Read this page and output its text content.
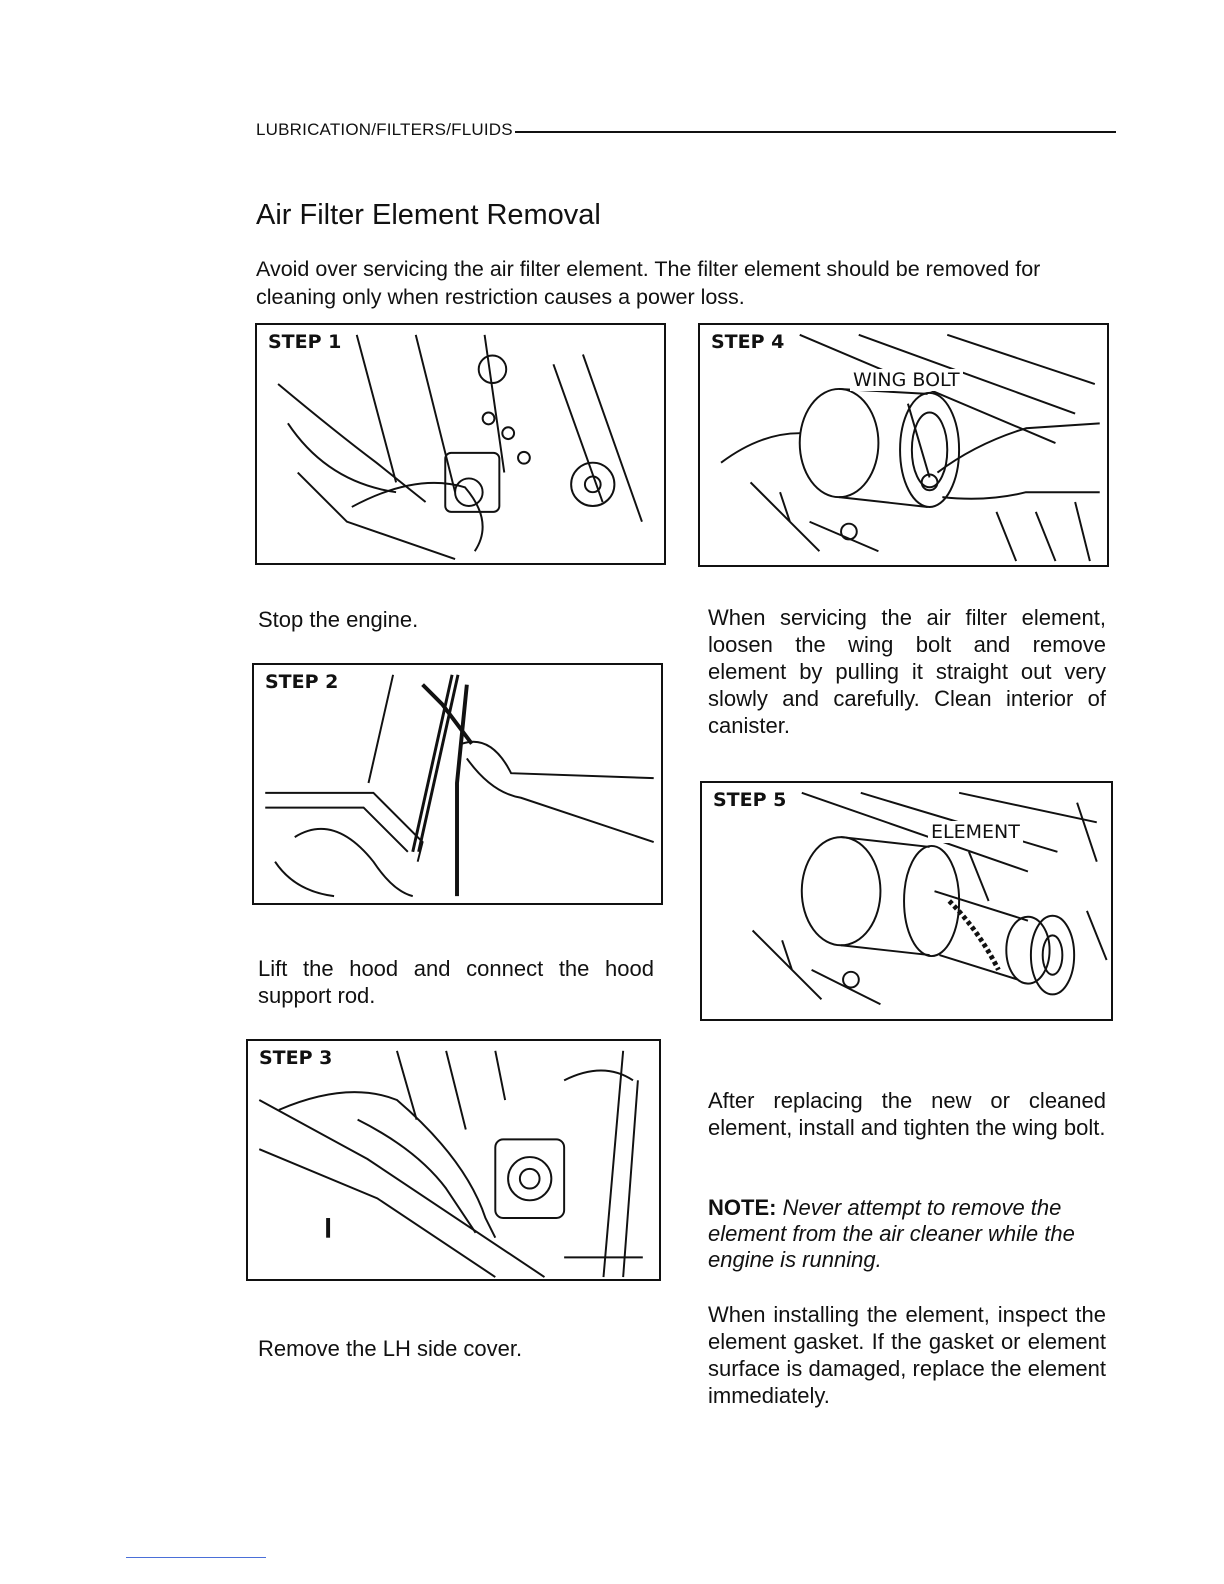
LUBRICATION/FILTERS/FLUIDS
Air Filter Element Removal

Avoid over servicing the air filter element. The filter element should be removed for cleaning only when restriction causes a power loss.

STEP 1

Stop the engine.

STEP 2

Lift the hood and connect the hood support rod.

STEP 3

Remove the LH side cover.

STEP 4
WING BOLT

When servicing the air filter element, loosen the wing bolt and remove element by pulling it straight out very slowly and carefully. Clean interior of canister.

STEP 5
ELEMENT

After replacing the new or cleaned element, install and tighten the wing bolt.

NOTE: Never attempt to remove the element from the air cleaner while the engine is running.

When installing the element, inspect the element gasket. If the gasket or element surface is damaged, replace the element immediately.
